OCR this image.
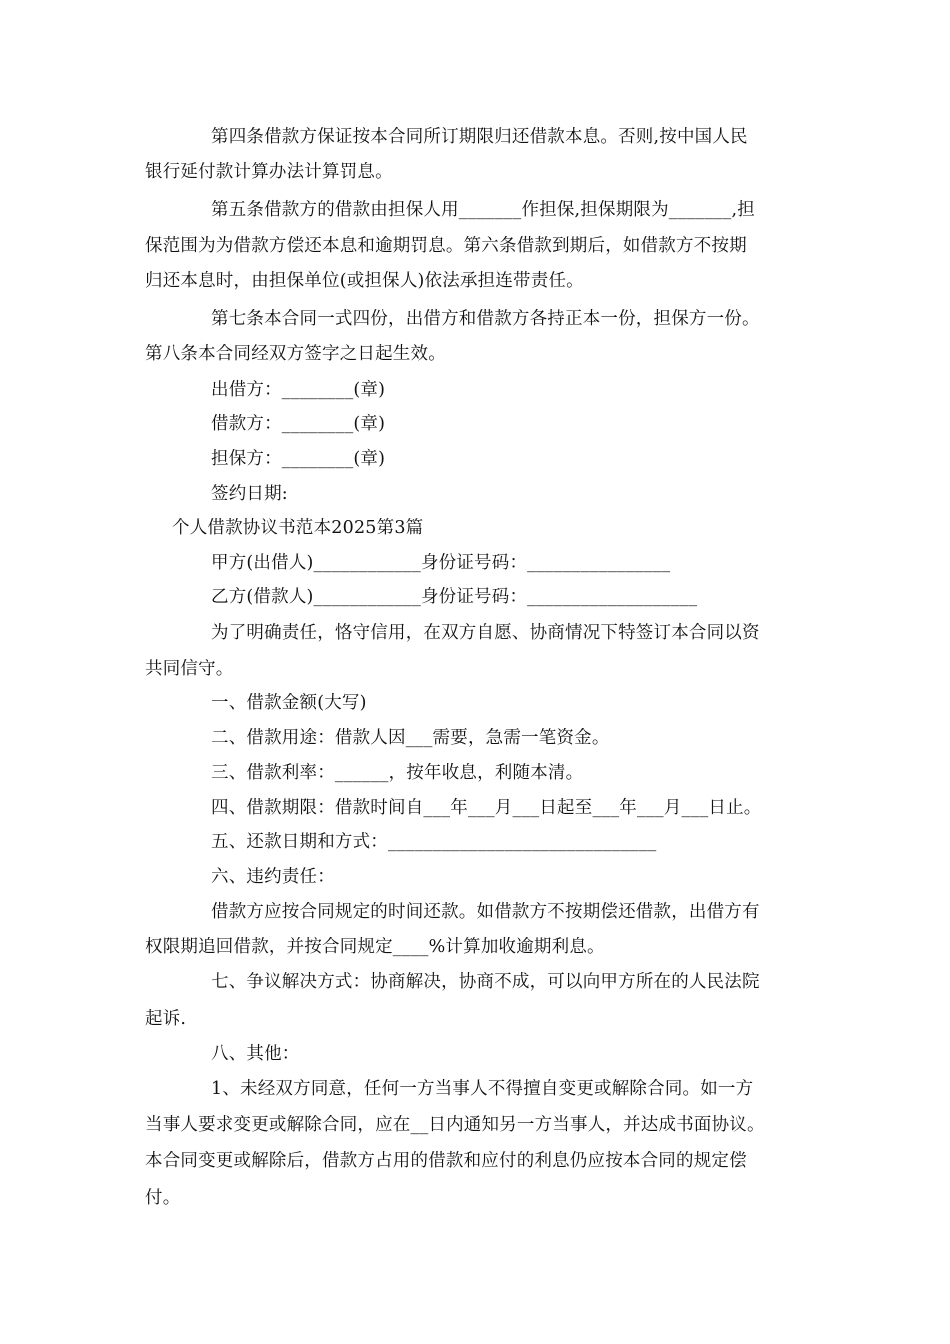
第四条借款方保证按本合同所订期限归还借款本息。否则,按中国人民
银行延付款计算办法计算罚息。
第五条借款方的借款由担保人用_______作担保,担保期限为_______,担
保范围为为借款方偿还本息和逾期罚息。第六条借款到期后，如借款方不按期
归还本息时，由担保单位(或担保人)依法承担连带责任。
第七条本合同一式四份，出借方和借款方各持正本一份，担保方一份。
第八条本合同经双方签字之日起生效。
出借方：________(章)
借款方：________(章)
担保方：________(章)
签约日期:
个人借款协议书范本2025第3篇
甲方(出借人)____________身份证号码：________________
乙方(借款人)____________身份证号码：___________________
为了明确责任，恪守信用，在双方自愿、协商情况下特签订本合同以资
共同信守。
一、借款金额(大写)
二、借款用途：借款人因___需要，急需一笔资金。
三、借款利率：______，按年收息，利随本清。
四、借款期限：借款时间自___年___月___日起至___年___月___日止。
五、还款日期和方式：______________________________
六、违约责任：
借款方应按合同规定的时间还款。如借款方不按期偿还借款，出借方有
权限期追回借款，并按合同规定____%计算加收逾期利息。
七、争议解决方式：协商解决，协商不成，可以向甲方所在的人民法院
起诉.
八、其他：
1、未经双方同意，任何一方当事人不得擅自变更或解除合同。如一方
当事人要求变更或解除合同，应在__日内通知另一方当事人，并达成书面协议。
本合同变更或解除后，借款方占用的借款和应付的利息仍应按本合同的规定偿
付。
